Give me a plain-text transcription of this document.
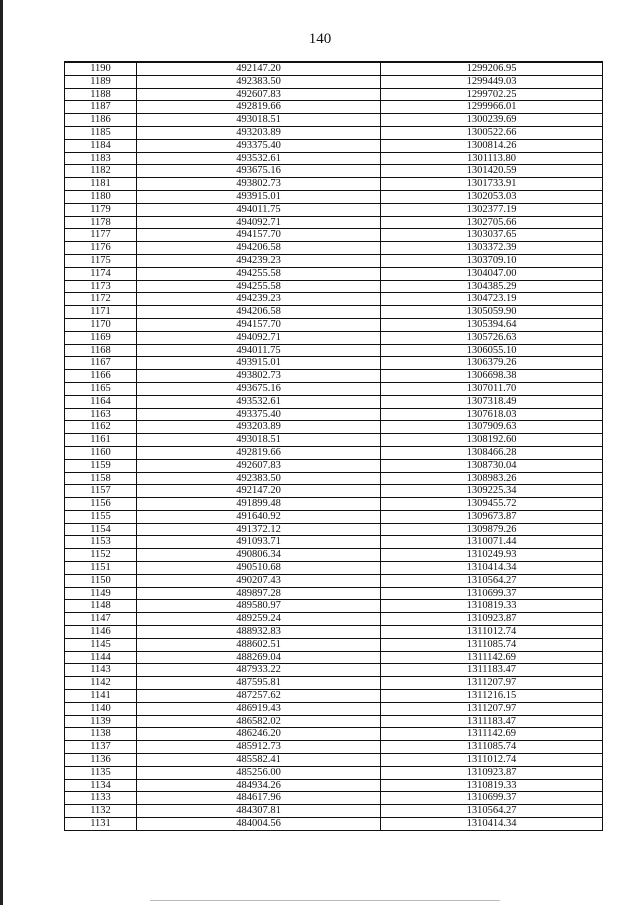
140
1190	492147.20	1299206.95
1189	492383.50	1299449.03
1188	492607.83	1299702.25
1187	492819.66	1299966.01
1186	493018.51	1300239.69
1185	493203.89	1300522.66
1184	493375.40	1300814.26
1183	493532.61	1301113.80
1182	493675.16	1301420.59
1181	493802.73	1301733.91
1180	493915.01	1302053.03
1179	494011.75	1302377.19
1178	494092.71	1302705.66
1177	494157.70	1303037.65
1176	494206.58	1303372.39
1175	494239.23	1303709.10
1174	494255.58	1304047.00
1173	494255.58	1304385.29
1172	494239.23	1304723.19
1171	494206.58	1305059.90
1170	494157.70	1305394.64
1169	494092.71	1305726.63
1168	494011.75	1306055.10
1167	493915.01	1306379.26
1166	493802.73	1306698.38
1165	493675.16	1307011.70
1164	493532.61	1307318.49
1163	493375.40	1307618.03
1162	493203.89	1307909.63
1161	493018.51	1308192.60
1160	492819.66	1308466.28
1159	492607.83	1308730.04
1158	492383.50	1308983.26
1157	492147.20	1309225.34
1156	491899.48	1309455.72
1155	491640.92	1309673.87
1154	491372.12	1309879.26
1153	491093.71	1310071.44
1152	490806.34	1310249.93
1151	490510.68	1310414.34
1150	490207.43	1310564.27
1149	489897.28	1310699.37
1148	489580.97	1310819.33
1147	489259.24	1310923.87
1146	488932.83	1311012.74
1145	488602.51	1311085.74
1144	488269.04	1311142.69
1143	487933.22	1311183.47
1142	487595.81	1311207.97
1141	487257.62	1311216.15
1140	486919.43	1311207.97
1139	486582.02	1311183.47
1138	486246.20	1311142.69
1137	485912.73	1311085.74
1136	485582.41	1311012.74
1135	485256.00	1310923.87
1134	484934.26	1310819.33
1133	484617.96	1310699.37
1132	484307.81	1310564.27
1131	484004.56	1310414.34
